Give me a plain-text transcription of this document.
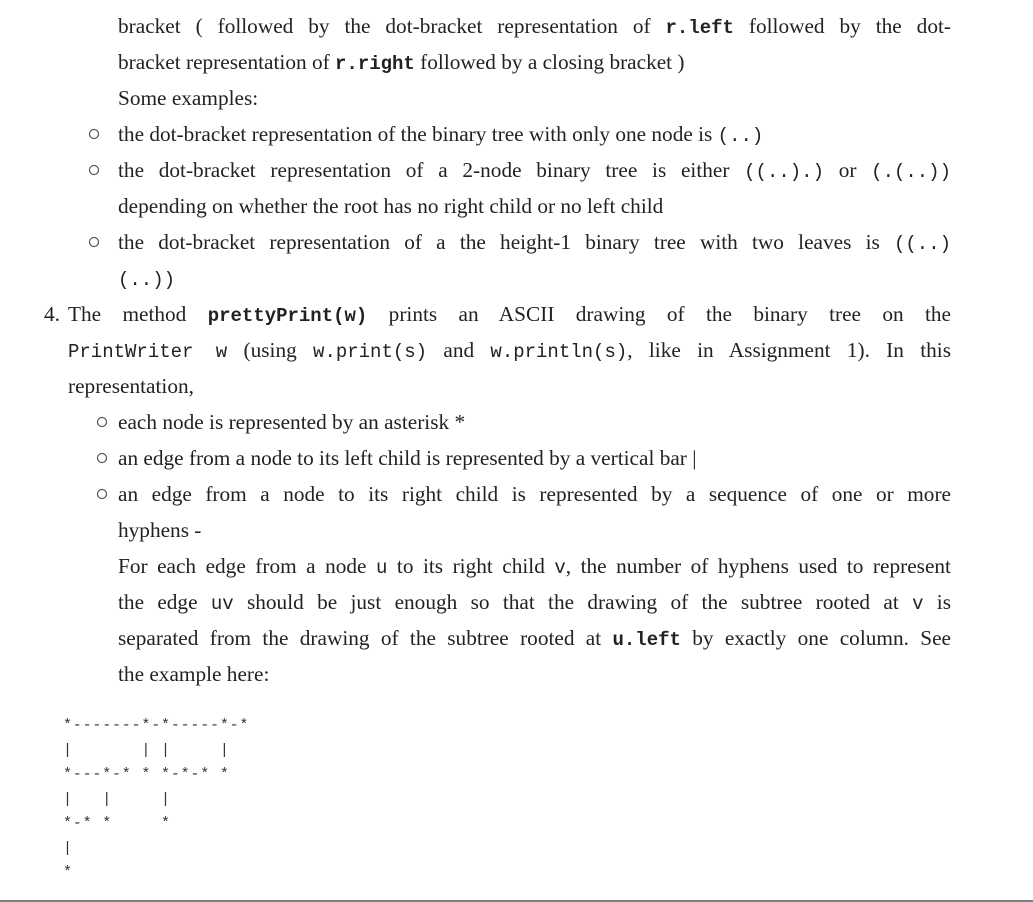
bracket ( followed by the dot-bracket representation of r.left followed by the dot-
bracket representation of r.right followed by a closing bracket )
Some examples:
the dot-bracket representation of the binary tree with only one node is (..)
the dot-bracket representation of a 2-node binary tree is either ((..).) or (.(..))
depending on whether the root has no right child or no left child
the dot-bracket representation of a the height-1 binary tree with two leaves is ((..)
(..))
4. The method prettyPrint(w) prints an ASCII drawing of the binary tree on the
PrintWriter w (using w.print(s) and w.println(s), like in Assignment 1). In this
representation,
each node is represented by an asterisk *
an edge from a node to its left child is represented by a vertical bar |
an edge from a node to its right child is represented by a sequence of one or more
hyphens -
For each edge from a node u to its right child v, the number of hyphens used to represent
the edge uv should be just enough so that the drawing of the subtree rooted at v is
separated from the drawing of the subtree rooted at u.left by exactly one column. See
the example here:
*-------*-*-----*-*
|       | |     |
*---*-* * *-*-* *
|   |     |
*-* *     *
|
*
